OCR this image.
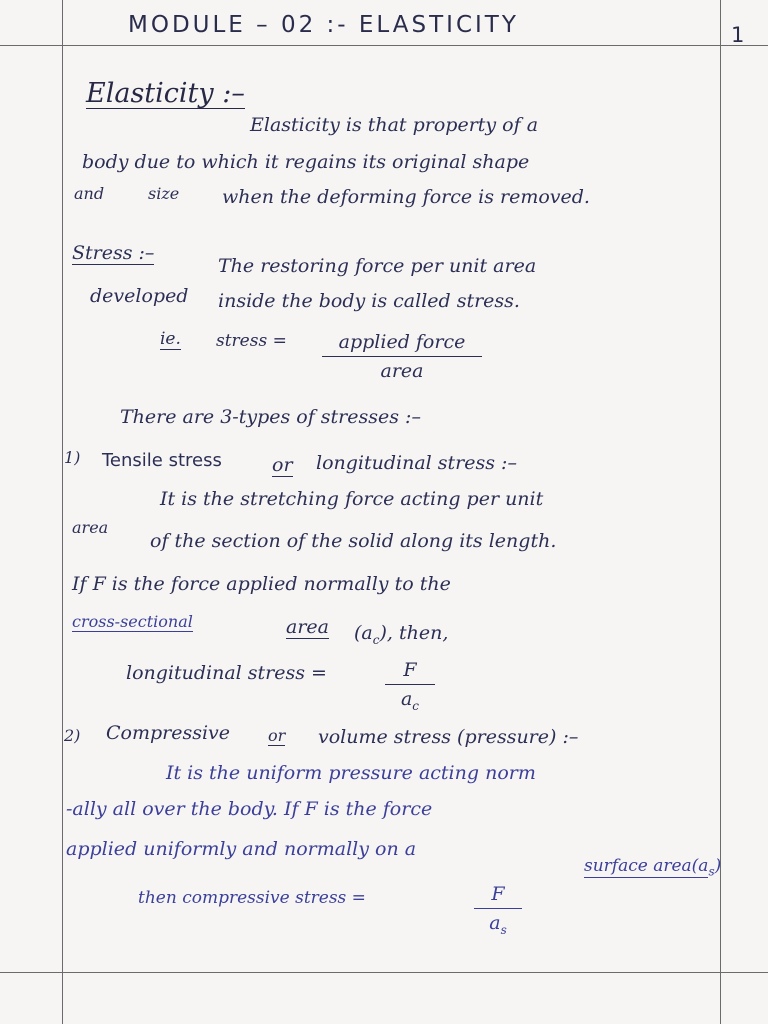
MODULE – 02 :- ELASTICITY	1
Elasticity :–
Elasticity is that property of a
body due to which it regains its original shape
and	size when the deforming force is removed.
Stress :–
The restoring force per unit area
developed inside the body is called stress.
ie. stress =	applied force
area
There are 3-types of stresses :–
1) Tensile stress	or longitudinal stress :–
It is the stretching force acting per unit
area
of the section of the solid along its length.
If F is the force applied normally to the
cross-sectional	area $(a_c)$, then,
longitudinal stress =	$\frac{F}{a_c}$
2) Compressive or volume stress (pressure) :–
It is the uniform pressure acting norm
-ally all over the body. If F is the force
applied uniformly and normally on a
surface $area(a_s)$
then compressive stress =	$\frac{F}{a_s}$
